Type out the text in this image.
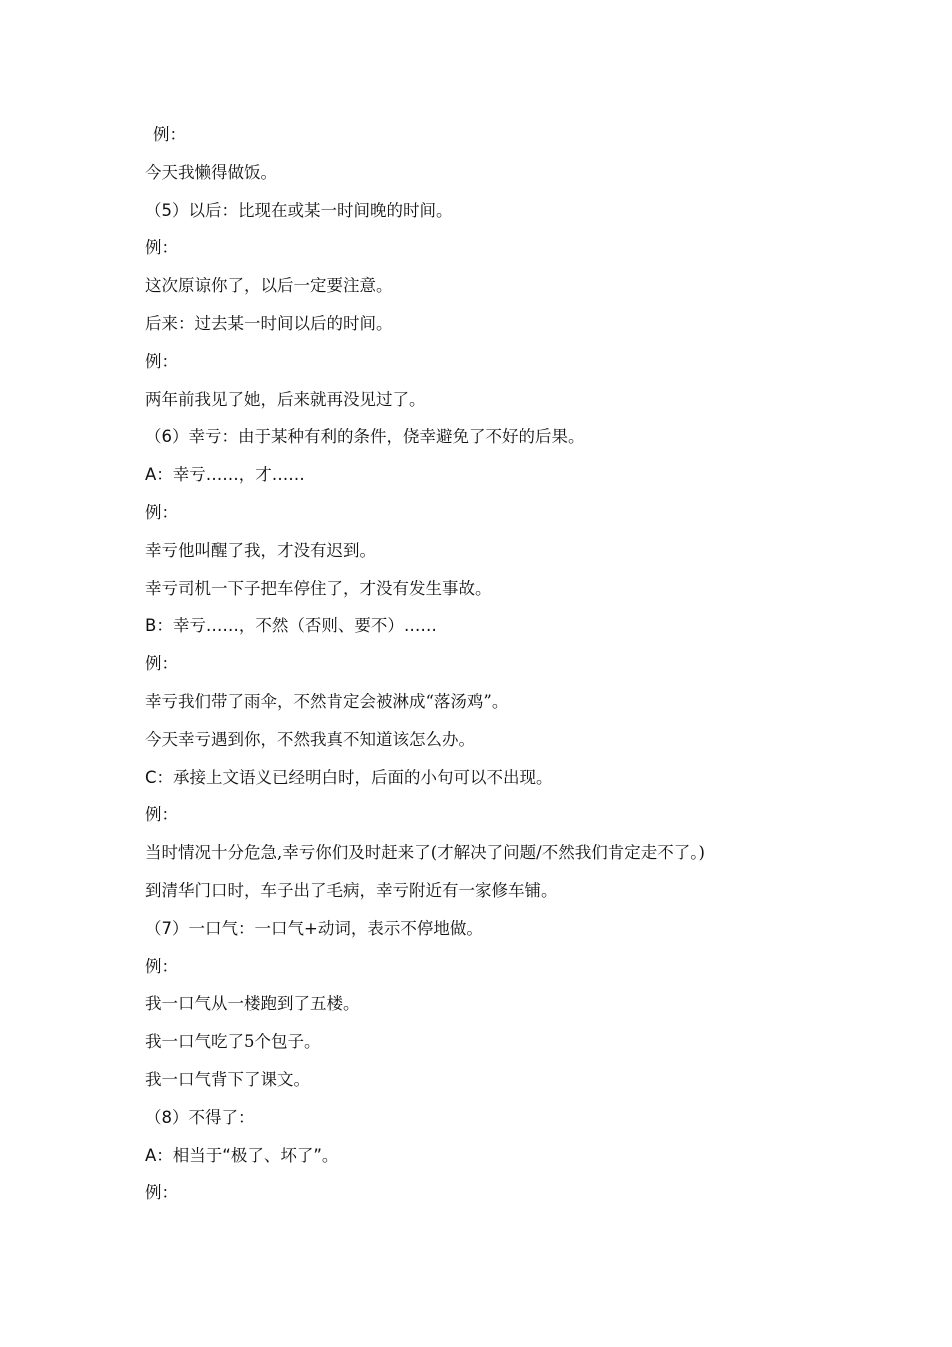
例：
今天我懒得做饭。
（5）以后：比现在或某一时间晚的时间。
例：
这次原谅你了，以后一定要注意。
后来：过去某一时间以后的时间。
例：
两年前我见了她，后来就再没见过了。
（6）幸亏：由于某种有利的条件，侥幸避免了不好的后果。
A：幸亏……，才……
例：
幸亏他叫醒了我，才没有迟到。
幸亏司机一下子把车停住了，才没有发生事故。
B：幸亏……，不然（否则、要不）……
例：
幸亏我们带了雨伞，不然肯定会被淋成“落汤鸡”。
今天幸亏遇到你，不然我真不知道该怎么办。
C：承接上文语义已经明白时，后面的小句可以不出现。
例：
当时情况十分危急,幸亏你们及时赶来了(才解决了问题/不然我们肯定走不了。)
到清华门口时，车子出了毛病，幸亏附近有一家修车铺。
（7）一口气：一口气+动词，表示不停地做。
例：
我一口气从一楼跑到了五楼。
我一口气吃了5个包子。
我一口气背下了课文。
（8）不得了：
A：相当于“极了、坏了”。
例：
